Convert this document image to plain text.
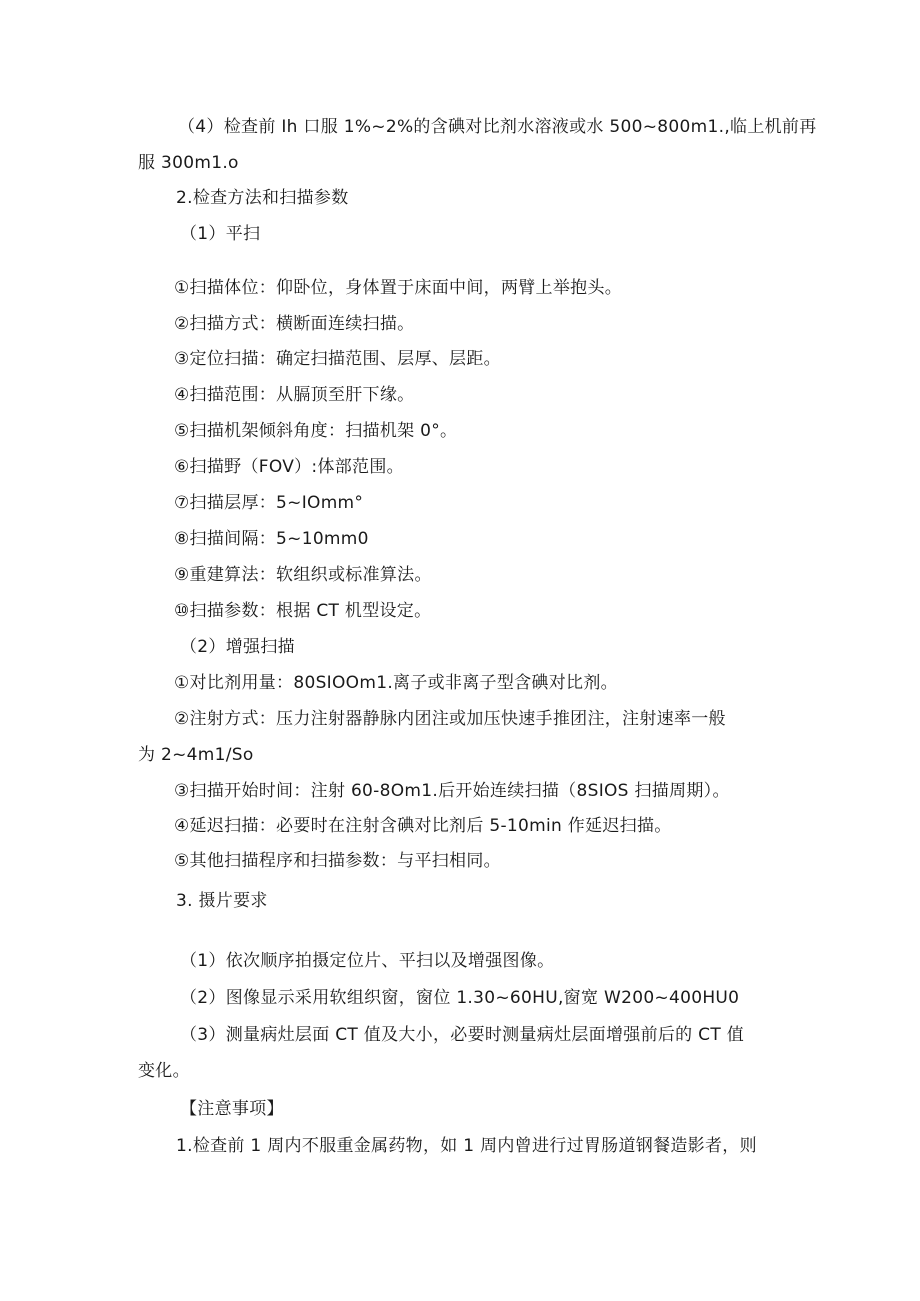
（4）检查前 Ih 口服 1%~2%的含碘对比剂水溶液或水 500~800m1.,临上机前再
服 300m1.o
2.检查方法和扫描参数
（1）平扫
①扫描体位：仰卧位，身体置于床面中间，两臂上举抱头。
②扫描方式：横断面连续扫描。
③定位扫描：确定扫描范围、层厚、层距。
④扫描范围：从膈顶至肝下缘。
⑤扫描机架倾斜角度：扫描机架 0°。
⑥扫描野（FOV）:体部范围。
⑦扫描层厚：5~IOmm°
⑧扫描间隔：5~10mm0
⑨重建算法：软组织或标准算法。
⑩扫描参数：根据 CT 机型设定。
（2）增强扫描
①对比剂用量：80SIOOm1.离子或非离子型含碘对比剂。
②注射方式：压力注射器静脉内团注或加压快速手推团注，注射速率一般
为 2~4m1∕So
③扫描开始时间：注射 60-8Om1.后开始连续扫描（8SIOS 扫描周期）。
④延迟扫描：必要时在注射含碘对比剂后 5-10min 作延迟扫描。
⑤其他扫描程序和扫描参数：与平扫相同。
3. 摄片要求
（1）依次顺序拍摄定位片、平扫以及增强图像。
（2）图像显示采用软组织窗，窗位 1.30~60HU,窗宽 W200~400HU0
（3）测量病灶层面 CT 值及大小，必要时测量病灶层面增强前后的 CT 值
变化。
【注意事项】
1.检查前 1 周内不服重金属药物，如 1 周内曾进行过胃肠道钢餐造影者，则
